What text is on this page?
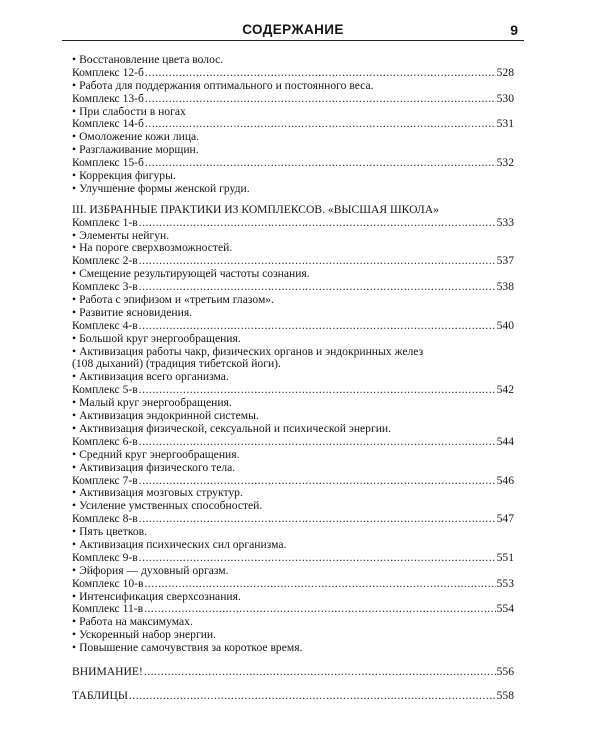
СОДЕРЖАНИЕ	9
• Восстановление цвета волос.
Комплекс 12-б .....	528
• Работа для поддержания оптимального и постоянного веса.
Комплекс 13-б .....	530
• При слабости в ногах
Комплекс 14-б .....	531
• Омоложение кожи лица.
• Разглаживание морщин.
Комплекс 15-б .....	532
• Коррекция фигуры.
• Улучшение формы женской груди.
III. ИЗБРАННЫЕ ПРАКТИКИ ИЗ КОМПЛЕКСОВ. «ВЫСШАЯ ШКОЛА»
Комплекс 1-в .....	533
• Элементы нейгун.
• На пороге сверхвозможностей.
Комплекс 2-в .....	537
• Смещение результирующей частоты сознания.
Комплекс 3-в .....	538
• Работа с эпифизом и «третьим глазом».
• Развитие ясновидения.
Комплекс 4-в .....	540
• Большой круг энергообращения.
• Активизация работы чакр, физических органов и эндокринных желез
(108 дыханий) (традиция тибетской йоги).
• Активизация всего организма.
Комплекс 5-в .....	542
• Малый круг энергообращения.
• Активизация эндокринной системы.
• Активизация физической, сексуальной и психической энергии.
Комплекс 6-в .....	544
• Средний круг энергообращения.
• Активизация физического тела.
Комплекс 7-в .....	546
• Активизация мозговых структур.
• Усиление умственных способностей.
Комплекс 8-в .....	547
• Пять цветков.
• Активизация психических сил организма.
Комплекс 9-в .....	551
• Эйфория — духовный оргазм.
Комплекс 10-в .....	553
• Интенсификация сверхсознания.
Комплекс 11-в .....	554
• Работа на максимумах.
• Ускоренный набор энергии.
• Повышение самочувствия за короткое время.
ВНИМАНИЕ! .....	556
ТАБЛИЦЫ .....	558
